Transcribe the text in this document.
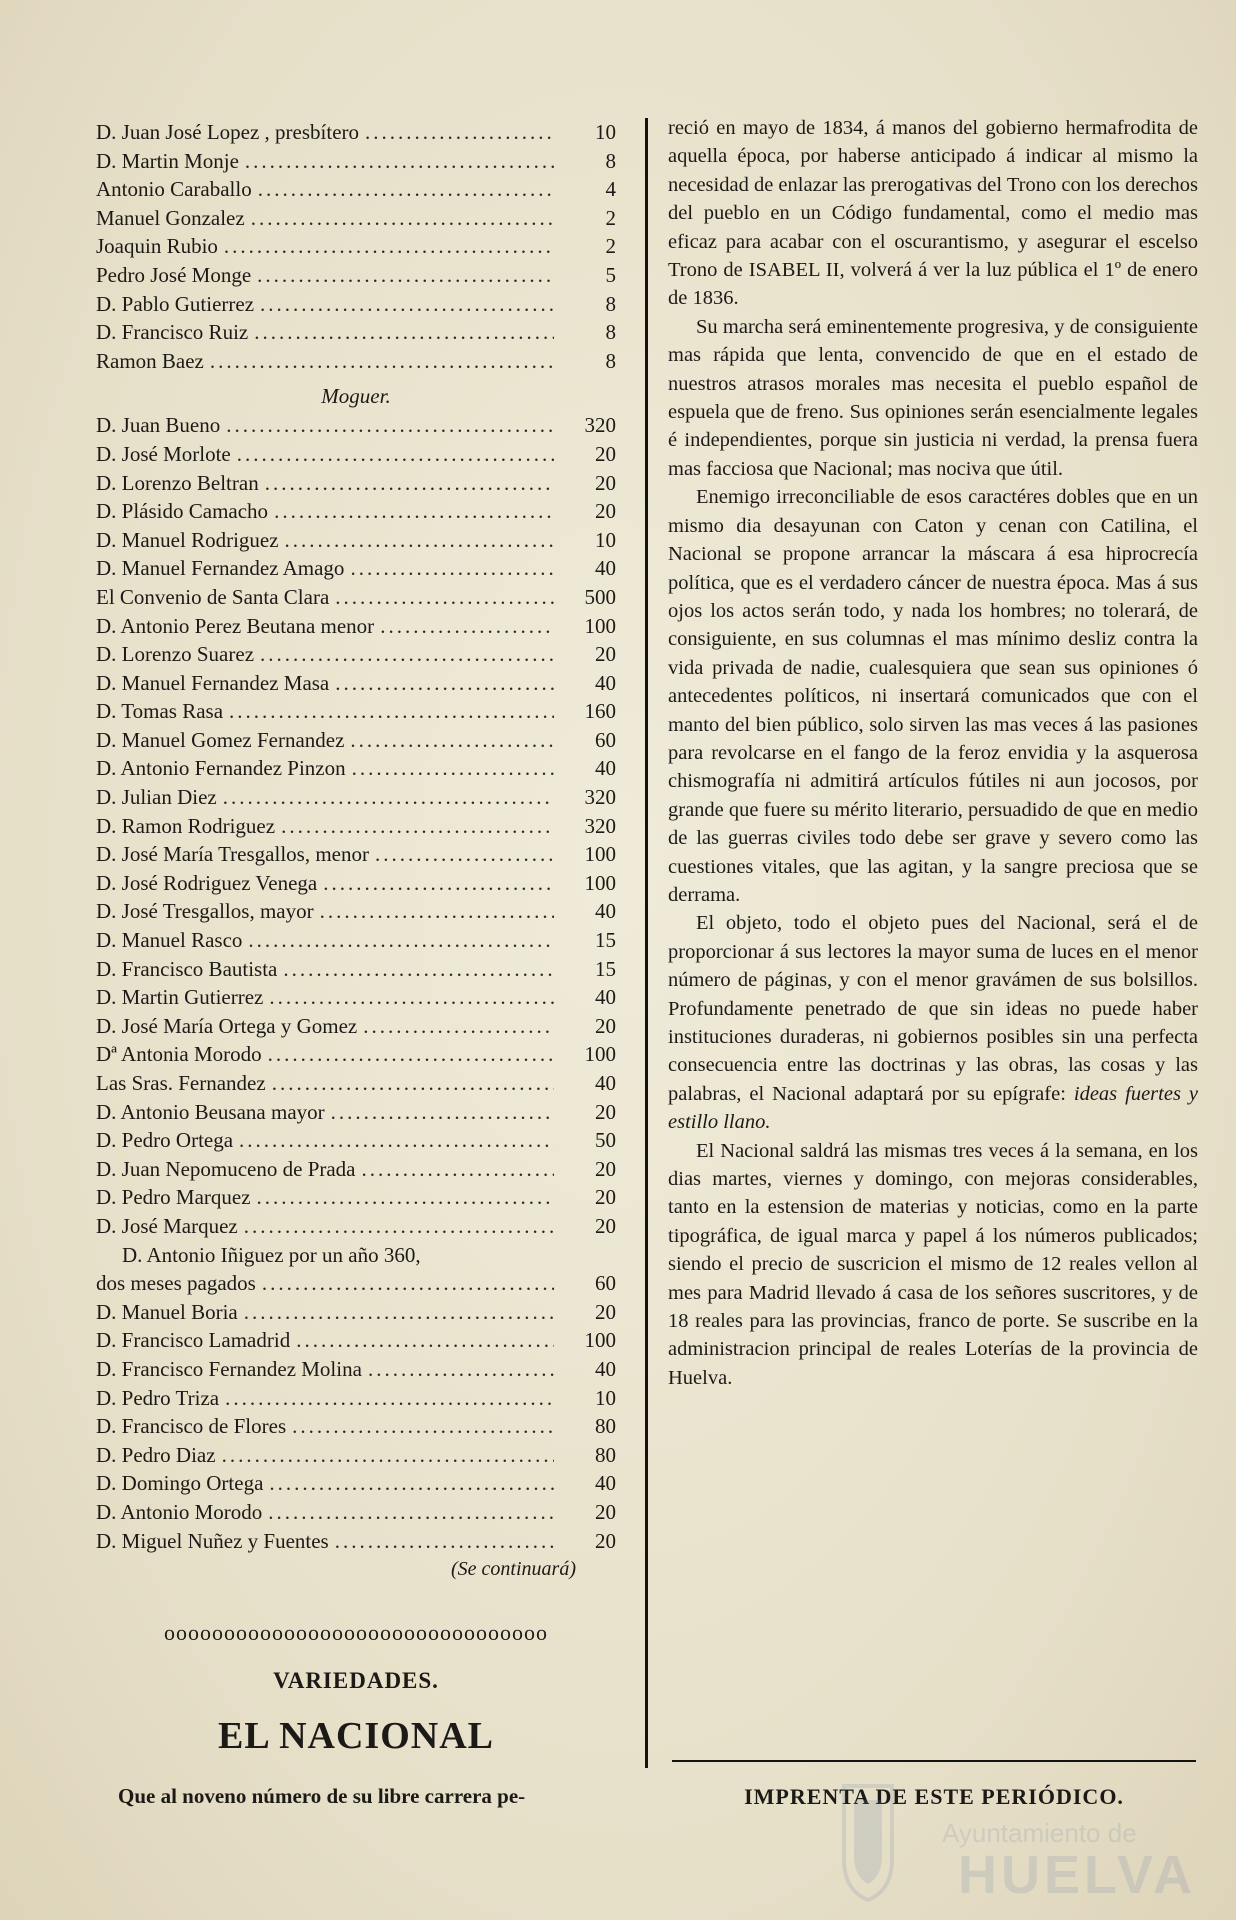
D. Juan José Lopez , presbítero .....	10
D. Martin Monje .....	8
Antonio Caraballo .....	4
Manuel Gonzalez .....	2
Joaquin Rubio .....	2
Pedro José Monge .....	5
D. Pablo Gutierrez .....	8
D. Francisco Ruiz .....	8
Ramon Baez .....	8
Moguer.
D. Juan Bueno .....	320
D. José Morlote .....	20
D. Lorenzo Beltran .....	20
D. Plásido Camacho .....	20
D. Manuel Rodriguez .....	10
D. Manuel Fernandez Amago .....	40
El Convenio de Santa Clara .....	500
D. Antonio Perez Beutana menor .....	100
D. Lorenzo Suarez .....	20
D. Manuel Fernandez Masa .....	40
D. Tomas Rasa .....	160
D. Manuel Gomez Fernandez .....	60
D. Antonio Fernandez Pinzon .....	40
D. Julian Diez .....	320
D. Ramon Rodriguez .....	320
D. José María Tresgallos, menor .....	100
D. José Rodriguez Venega .....	100
D. José Tresgallos, mayor .....	40
D. Manuel Rasco .....	15
D. Francisco Bautista .....	15
D. Martin Gutierrez .....	40
D. José María Ortega y Gomez .....	20
Dª Antonia Morodo .....	100
Las Sras. Fernandez .....	40
D. Antonio Beusana mayor .....	20
D. Pedro Ortega .....	50
D. Juan Nepomuceno de Prada .....	20
D. Pedro Marquez .....	20
D. José Marquez .....	20
D. Antonio Iñiguez por un año 360,
dos meses pagados .....	60
D. Manuel Boria .....	20
D. Francisco Lamadrid .....	100
D. Francisco Fernandez Molina .....	40
D. Pedro Triza .....	10
D. Francisco de Flores .....	80
D. Pedro Diaz .....	80
D. Domingo Ortega .....	40
D. Antonio Morodo .....	20
D. Miguel Nuñez y Fuentes .....	20
(Se continuará)
oooooooooooooooooooooooooooooooo
VARIEDADES.
EL NACIONAL
Que al noveno número de su libre carrera pe-

reció en mayo de 1834, á manos del gobierno hermafrodita de aquella época, por haberse anticipado á indicar al mismo la necesidad de enlazar las prerogativas del Trono con los derechos del pueblo en un Código fundamental, como el medio mas eficaz para acabar con el oscurantismo, y asegurar el escelso Trono de ISABEL II, volverá á ver la luz pública el 1º de enero de 1836.

Su marcha será eminentemente progresiva, y de consiguiente mas rápida que lenta, convencido de que en el estado de nuestros atrasos morales mas necesita el pueblo español de espuela que de freno. Sus opiniones serán esencialmente legales é independientes, porque sin justicia ni verdad, la prensa fuera mas facciosa que Nacional; mas nociva que útil.

Enemigo irreconciliable de esos caractéres dobles que en un mismo dia desayunan con Caton y cenan con Catilina, el Nacional se propone arrancar la máscara á esa hiprocrecía política, que es el verdadero cáncer de nuestra época. Mas á sus ojos los actos serán todo, y nada los hombres; no tolerará, de consiguiente, en sus columnas el mas mínimo desliz contra la vida privada de nadie, cualesquiera que sean sus opiniones ó antecedentes políticos, ni insertará comunicados que con el manto del bien público, solo sirven las mas veces á las pasiones para revolcarse en el fango de la feroz envidia y la asquerosa chismografía ni admitirá artículos fútiles ni aun jocosos, por grande que fuere su mérito literario, persuadido de que en medio de las guerras civiles todo debe ser grave y severo como las cuestiones vitales, que las agitan, y la sangre preciosa que se derrama.

El objeto, todo el objeto pues del Nacional, será el de proporcionar á sus lectores la mayor suma de luces en el menor número de páginas, y con el menor gravámen de sus bolsillos. Profundamente penetrado de que sin ideas no puede haber instituciones duraderas, ni gobiernos posibles sin una perfecta consecuencia entre las doctrinas y las obras, las cosas y las palabras, el Nacional adaptará por su epígrafe: ideas fuertes y estillo llano.

El Nacional saldrá las mismas tres veces á la semana, en los dias martes, viernes y domingo, con mejoras considerables, tanto en la estension de materias y noticias, como en la parte tipográfica, de igual marca y papel á los números publicados; siendo el precio de suscricion el mismo de 12 reales vellon al mes para Madrid llevado á casa de los señores suscritores, y de 18 reales para las provincias, franco de porte. Se suscribe en la administracion principal de reales Loterías de la provincia de Huelva.

IMPRENTA DE ESTE PERIÓDICO.
Ayuntamiento de
HUELVA
